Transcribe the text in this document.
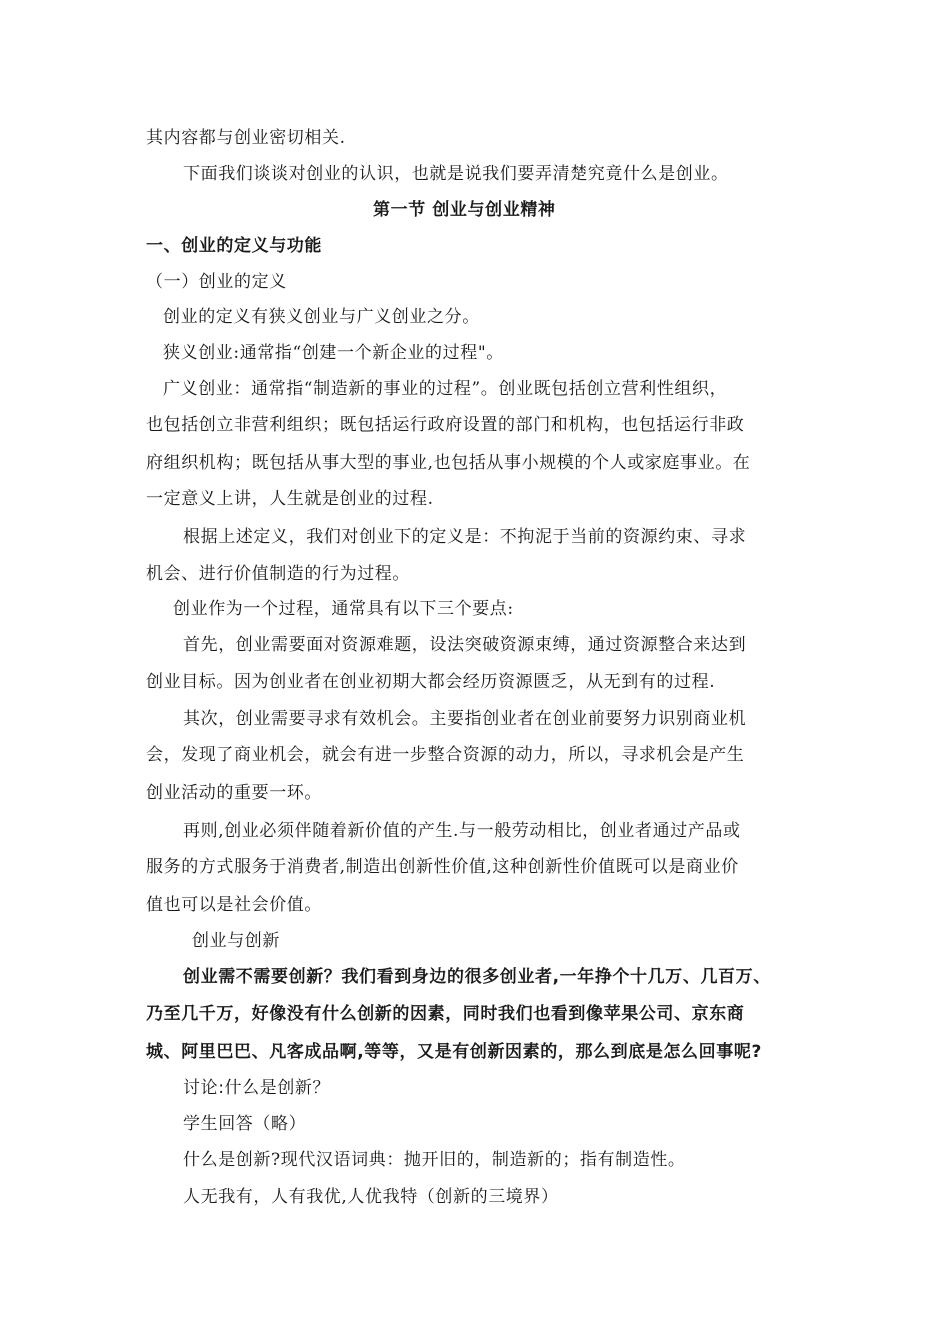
其内容都与创业密切相关.
下面我们谈谈对创业的认识，也就是说我们要弄清楚究竟什么是创业。
第一节 创业与创业精神
一、创业的定义与功能
（一）创业的定义
创业的定义有狭义创业与广义创业之分。
狭义创业:通常指“创建一个新企业的过程"。
广义创业：通常指“制造新的事业的过程”。创业既包括创立营利性组织，
也包括创立非营利组织；既包括运行政府设置的部门和机构，也包括运行非政
府组织机构；既包括从事大型的事业,也包括从事小规模的个人或家庭事业。在
一定意义上讲，人生就是创业的过程.
根据上述定义，我们对创业下的定义是：不拘泥于当前的资源约束、寻求
机会、进行价值制造的行为过程。
创业作为一个过程，通常具有以下三个要点:
首先，创业需要面对资源难题，设法突破资源束缚，通过资源整合来达到
创业目标。因为创业者在创业初期大都会经历资源匮乏，从无到有的过程.
其次，创业需要寻求有效机会。主要指创业者在创业前要努力识别商业机
会，发现了商业机会，就会有进一步整合资源的动力，所以，寻求机会是产生
创业活动的重要一环。
再则,创业必须伴随着新价值的产生.与一般劳动相比，创业者通过产品或
服务的方式服务于消费者,制造出创新性价值,这种创新性价值既可以是商业价
值也可以是社会价值。
创业与创新
创业需不需要创新？我们看到身边的很多创业者,一年挣个十几万、几百万、
乃至几千万，好像没有什么创新的因素，同时我们也看到像苹果公司、京东商
城、阿里巴巴、凡客成品啊,等等，又是有创新因素的，那么到底是怎么回事呢?
讨论:什么是创新？
学生回答（略）
什么是创新?现代汉语词典：抛开旧的，制造新的；指有制造性。
人无我有，人有我优,人优我特（创新的三境界）
